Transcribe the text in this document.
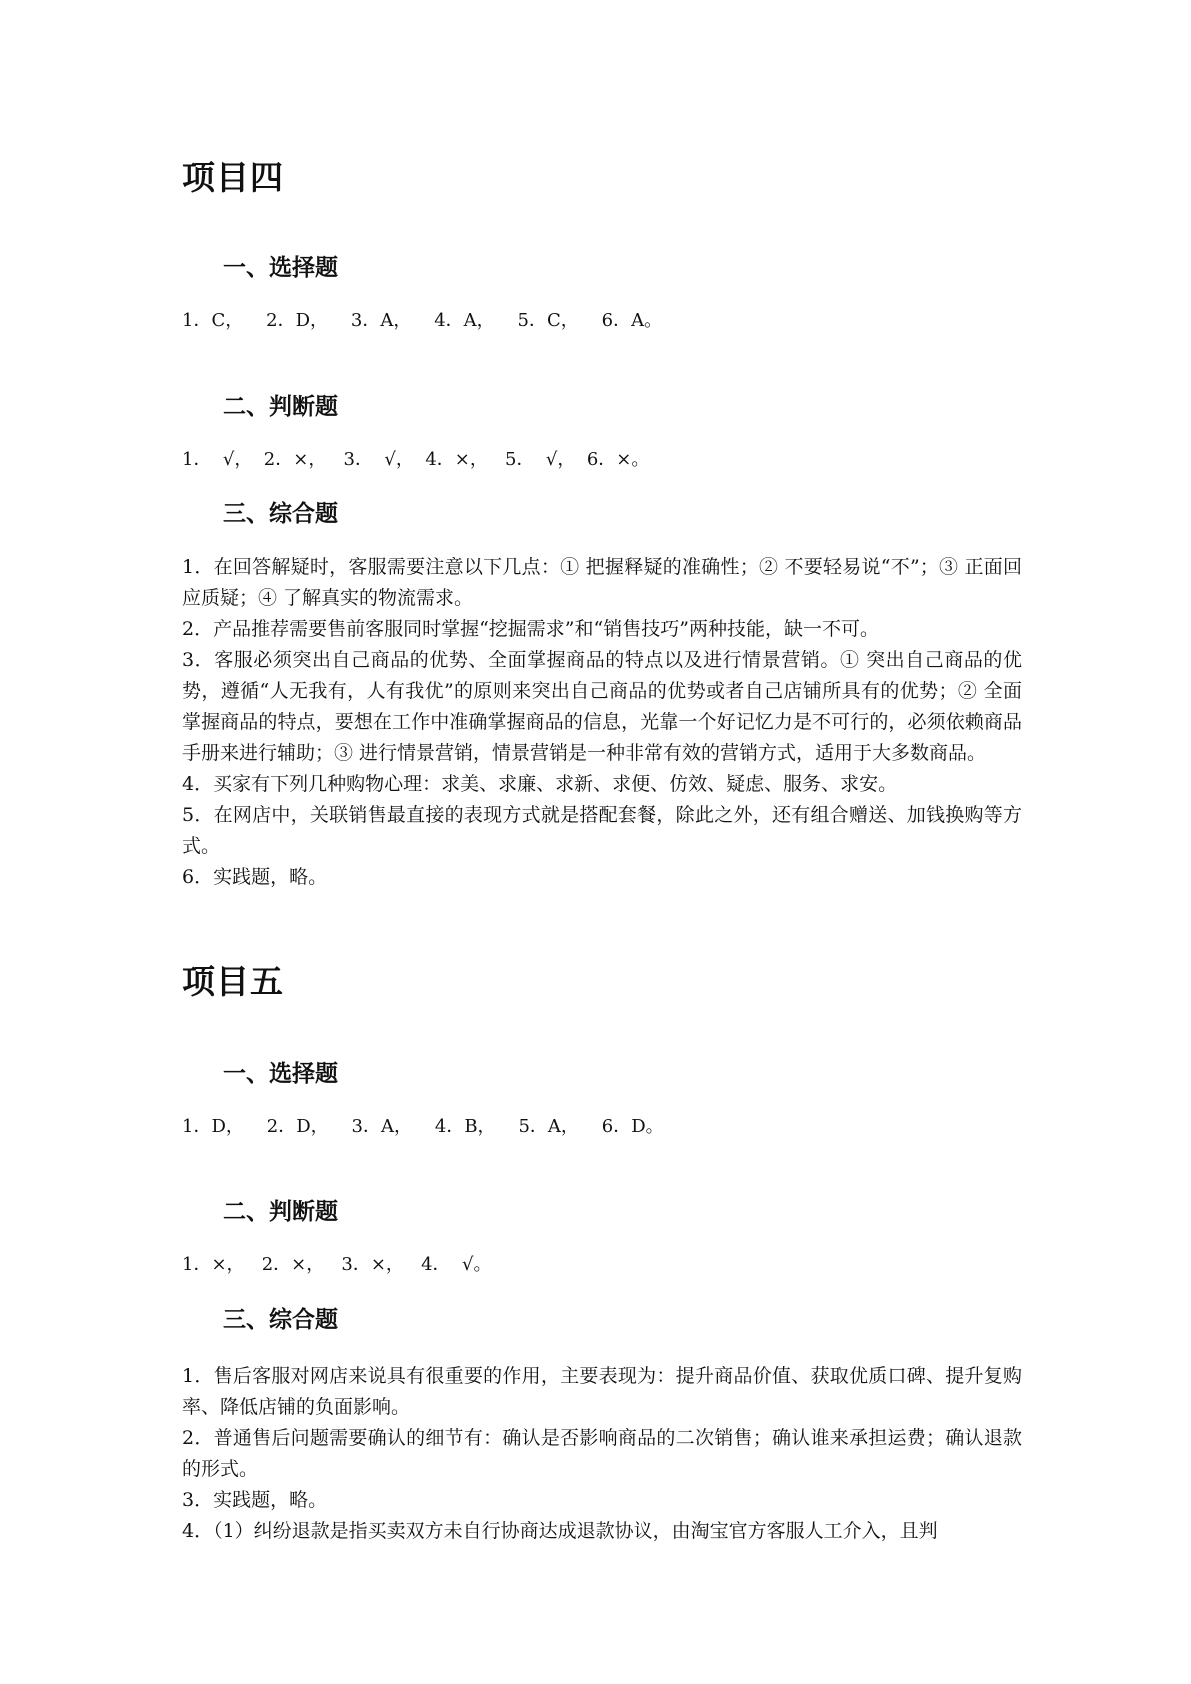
项目四
一、选择题

1．C，    2．D，    3．A，    4．A，    5．C，    6．A。

二、判断题

1．  √，  2．×，   3．  √，  4．×，   5．  √，  6．×。

三、综合题

1．在回答解疑时，客服需要注意以下几点：① 把握释疑的准确性；② 不要轻易说“不”；③ 正面回应质疑；④ 了解真实的物流需求。

2．产品推荐需要售前客服同时掌握“挖掘需求”和“销售技巧”两种技能，缺一不可。

3．客服必须突出自己商品的优势、全面掌握商品的特点以及进行情景营销。① 突出自己商品的优势，遵循“人无我有，人有我优”的原则来突出自己商品的优势或者自己店铺所具有的优势；② 全面掌握商品的特点，要想在工作中准确掌握商品的信息，光靠一个好记忆力是不可行的，必须依赖商品手册来进行辅助；③ 进行情景营销，情景营销是一种非常有效的营销方式，适用于大多数商品。

4．买家有下列几种购物心理：求美、求廉、求新、求便、仿效、疑虑、服务、求安。

5．在网店中，关联销售最直接的表现方式就是搭配套餐，除此之外，还有组合赠送、加钱换购等方式。

6．实践题，略。

项目五
一、选择题

1．D，    2．D，    3．A，    4．B，    5．A，    6．D。

二、判断题

1．×，   2．×，   3．×，   4．  √。

三、综合题

1．售后客服对网店来说具有很重要的作用，主要表现为：提升商品价值、获取优质口碑、提升复购率、降低店铺的负面影响。

2．普通售后问题需要确认的细节有：确认是否影响商品的二次销售；确认谁来承担运费；确认退款的形式。

3．实践题，略。

4．（1）纠纷退款是指买卖双方未自行协商达成退款协议，由淘宝官方客服人工介入，且判
